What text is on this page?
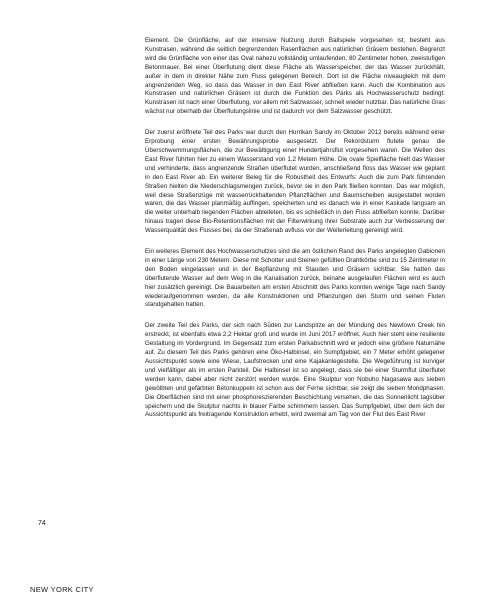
Element. Die Grünfläche, auf der intensive Nutzung durch Ballspiele vorgesehen ist, besteht aus Kunstrasen, während die seitlich begrenzenden Rasenflächen aus natürlichen Gräsern bestehen. Begrenzt wird die Grünfläche von einer das Oval nahezu vollständig umlaufenden, 80 Zentimeter hohen, zweistufigen Betonmauer. Bei einer Überflutung dient diese Fläche als Wasserspeicher, der das Wasser zurückhält, außer in dem in direkter Nähe zum Fluss gelegenen Bereich. Dort ist die Fläche niveaugleich mit dem angrenzenden Weg, so dass das Wasser in den East River abfließen kann. Auch die Kombination aus Kunstrasen und natürlichen Gräsern ist durch die Funktion des Parks als Hochwasserschutz bedingt: Kunstrasen ist nach einer Überflutung, vor allem mit Salzwasser, schnell wieder nutzbar. Das natürliche Gras wächst nur oberhalb der Überflutungslinie und ist dadurch vor dem Salzwasser geschützt.

Der zuerst eröffnete Teil des Parks war durch den Hurrikan Sandy im Oktober 2012 bereits während einer Erprobung einer ersten Bewährungsprobe ausgesetzt. Der Rekordsturm flutete genau die Überschwemmungsflächen, die zur Bewältigung einer Hundertjahrsflut vorgesehen waren. Die Wellen des East River führten hier zu einem Wasserstand von 1,2 Metern Höhe. Die ovale Spielfläche hielt das Wasser und verhinderte, dass angrenzende Straßen überflutet wurden, anschließend floss das Wasser wie geplant in den East River ab. Ein weiterer Beleg für die Robustheit des Entwurfs: Auch die zum Park führenden Straßen hielten die Niederschlagsmengen zurück, bevor sie in den Park fließen konnten. Das war möglich, weil diese Straßenzüge mit wasserrückhaltenden Pflanzflächen und Baumscheiben ausgestattet worden waren, die das Wasser planmäßig auffingen, speicherten und es danach wie in einer Kaskade langsam an die weiter unterhalb liegenden Flächen ableiteten, bis es schließlich in den Fluss abfließen konnte. Darüber hinaus tragen diese Bio-Retentionsflächen mit der Filterwirkung ihrer Substrate auch zur Verbesserung der Wasserqualität des Flusses bei, da der Straßenab avfluss vor der Weiterleitung gereinigt wird.

Ein weiteres Element des Hochwasserschutzes sind die am östlichen Rand des Parks angelegten Gabionen in einer Länge von 230 Metern. Diese mit Schotter und Steinen gefüllten Drahtkörbe sind zu 15 Zentimeter in den Boden eingelassen und in der Bepflanzung mit Stauden und Gräsern sichtbar. Sie hatten das überflutende Wasser auf dem Weg in die Kanalisation zurück, beinahe ausgelaufen Flächen wird es auch hier zusätzlich gereinigt. Die Bauarbeiten am ersten Abschnitt des Parks konnten wenige Tage nach Sandy wiederaufgenommen werden, da alle Konstruktionen und Pflanzungen den Sturm und seinen Fluten standgehalten hatten.

Der zweite Teil des Parks, der sich nach Süden zur Landspitze an der Mündung des Newtown Creek hin erstreckt, ist ebenfalls etwa 2,2 Hektar groß und wurde im Juni 2017 eröffnet. Auch hier steht eine resiliente Gestaltung im Vordergrund. Im Gegensatz zum ersten Parkabschnitt wird er jedoch eine größere Naturnähe auf. Zu diesem Teil des Parks gehören eine Öko-Halbinsel, ein Sumpfgebiet, ein 7 Meter erhöht gelegener Aussichtspunkt sowie eine Wiese, Laufstrecken und eine Kajakanlegestelle. Die Wegeführung ist kurviger und vielfältiger als im ersten Parkteil. Die Halbinsel ist so angelegt, dass sie bei einer Sturmflut überflutet werden kann, dabei aber nicht zerstört werden wurde. Eine Skulptur von Nobuho Nagasawa aus sieben gewölbten und gefärbten Betonkuppeln ist schon aus der Ferne sichtbar, sie zeigt die sieben Mondphasen. Die Oberflächen sind mit einer phosphoreszierenden Beschichtung versehen, die das Sonnenlicht tagsüber speichern und die Skulptur nachts in blauer Farbe schimmern lassen. Das Sumpfgebiet, über dem sich der Aussichtspunkt als freitragende Konstruktion erhebt, wird zweimal am Tag von der Flut des East River

74
NEW YORK CITY
